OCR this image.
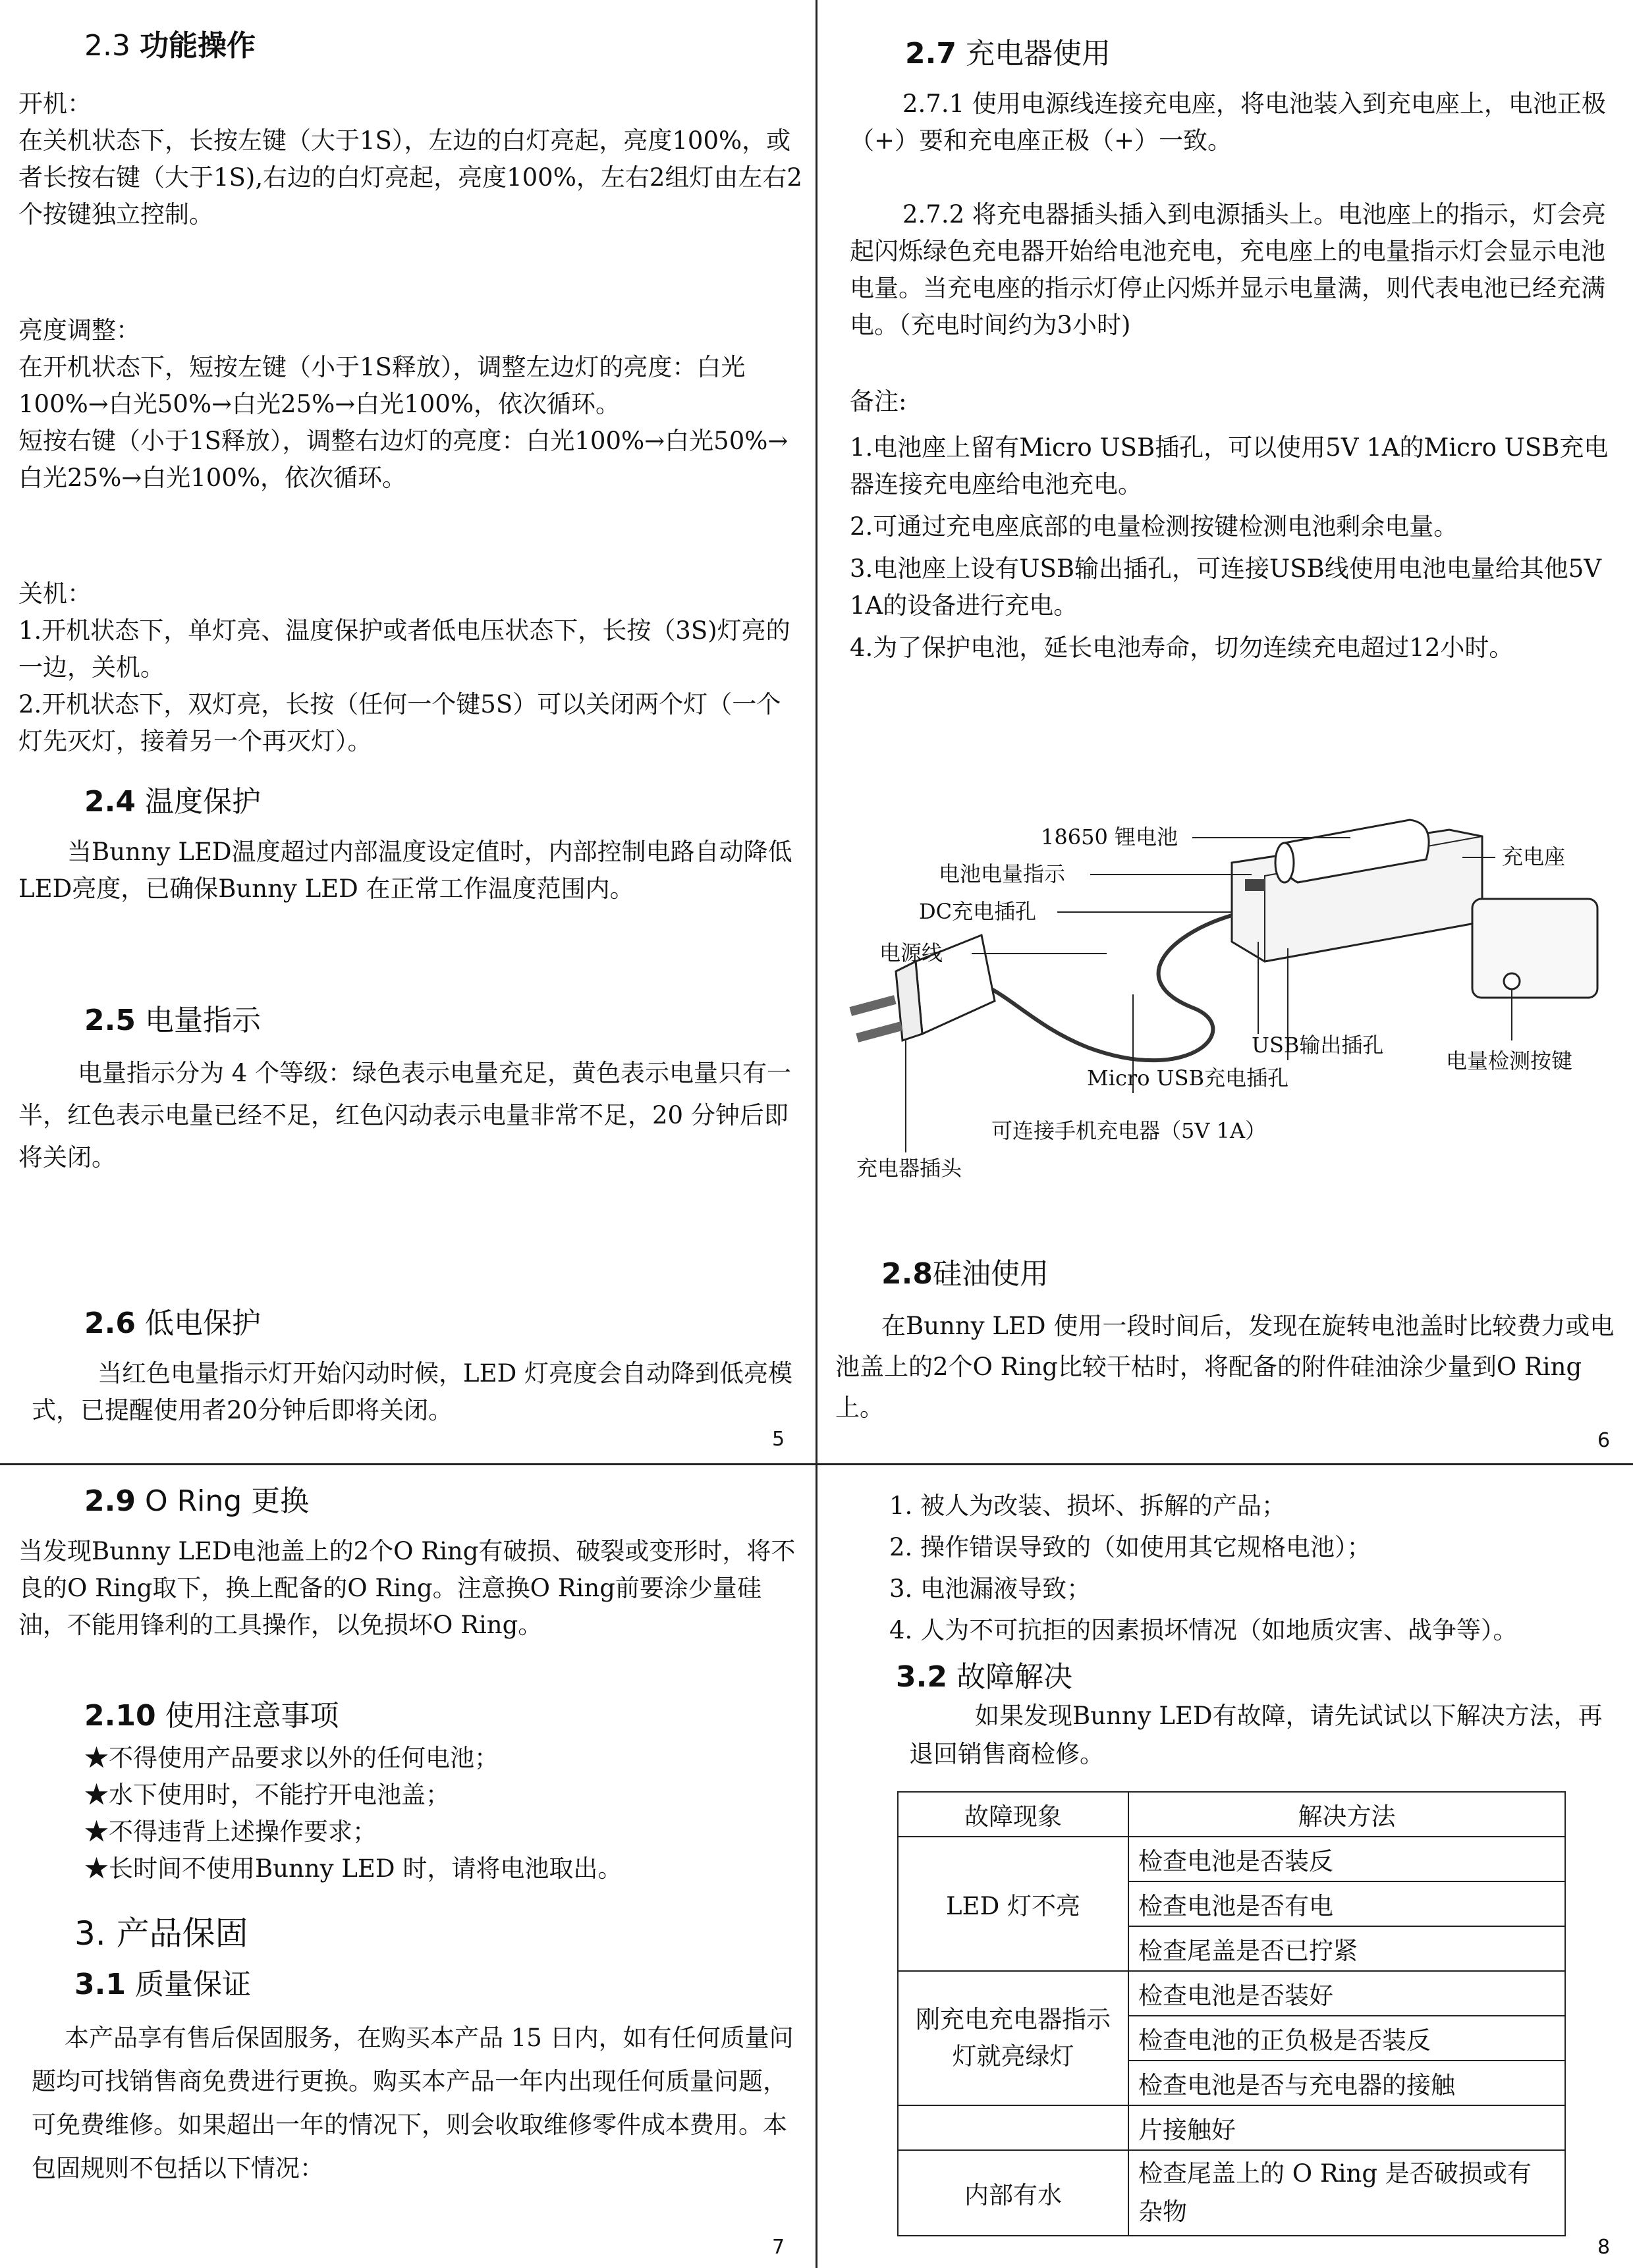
2.3 功能操作

开机：

在关机状态下，长按左键（大于1S），左边的白灯亮起，亮度100%，或者长按右键（大于1S),右边的白灯亮起，亮度100%，左右2组灯由左右2个按键独立控制。

亮度调整：

在开机状态下，短按左键（小于1S释放），调整左边灯的亮度：白光100%→白光50%→白光25%→白光100%，依次循环。

短按右键（小于1S释放），调整右边灯的亮度：白光100%→白光50%→白光25%→白光100%，依次循环。

关机：

1.开机状态下，单灯亮、温度保护或者低电压状态下，长按（3S)灯亮的一边，关机。

2.开机状态下，双灯亮，长按（任何一个键5S）可以关闭两个灯（一个灯先灭灯，接着另一个再灭灯）。

2.4 温度保护

当Bunny LED温度超过内部温度设定值时，内部控制电路自动降低LED亮度，已确保Bunny LED 在正常工作温度范围内。

2.5 电量指示

电量指示分为 4 个等级：绿色表示电量充足，黄色表示电量只有一半，红色表示电量已经不足，红色闪动表示电量非常不足，20 分钟后即将关闭。

2.6 低电保护

当红色电量指示灯开始闪动时候，LED 灯亮度会自动降到低亮模式，已提醒使用者20分钟后即将关闭。

5
2.7 充电器使用

2.7.1 使用电源线连接充电座，将电池装入到充电座上，电池正极（+）要和充电座正极（+）一致。

2.7.2 将充电器插头插入到电源插头上。电池座上的指示，灯会亮起闪烁绿色充电器开始给电池充电，充电座上的电量指示灯会显示电池电量。当充电座的指示灯停止闪烁并显示电量满，则代表电池已经充满电。（充电时间约为3小时)

备注:

1.电池座上留有Micro USB插孔，可以使用5V 1A的Micro USB充电器连接充电座给电池充电。

2.可通过充电座底部的电量检测按键检测电池剩余电量。

3.电池座上设有USB输出插孔，可连接USB线使用电池电量给其他5V 1A的设备进行充电。

4.为了保护电池，延长电池寿命，切勿连续充电超过12小时。

18650 锂电池
电池电量指示
DC充电插孔
电源线
充电座
USB输出插孔
电量检测按键
Micro USB充电插孔
可连接手机充电器（5V 1A）
充电器插头
2.8硅油使用

在Bunny LED 使用一段时间后，发现在旋转电池盖时比较费力或电池盖上的2个O Ring比较干枯时，将配备的附件硅油涂少量到O Ring上。

6
2.9 O Ring 更换

当发现Bunny LED电池盖上的2个O Ring有破损、破裂或变形时，将不良的O Ring取下，换上配备的O Ring。注意换O Ring前要涂少量硅油，不能用锋利的工具操作，以免损坏O Ring。

2.10 使用注意事项

★不得使用产品要求以外的任何电池；

★水下使用时，不能拧开电池盖；

★不得违背上述操作要求；

★长时间不使用Bunny LED 时，请将电池取出。

3. 产品保固
3.1 质量保证

本产品享有售后保固服务，在购买本产品 15 日内，如有任何质量问题均可找销售商免费进行更换。购买本产品一年内出现任何质量问题，可免费维修。如果超出一年的情况下，则会收取维修零件成本费用。本包固规则不包括以下情况：

7

1. 被人为改装、损坏、拆解的产品；

2. 操作错误导致的（如使用其它规格电池）；

3. 电池漏液导致；

4. 人为不可抗拒的因素损坏情况（如地质灾害、战争等）。

3.2 故障解决

如果发现Bunny LED有故障，请先试试以下解决方法，再退回销售商检修。

故障现象	解决方法
LED 灯不亮	检查电池是否装反
	检查电池是否有电
	检查尾盖是否已拧紧
刚充电充电器指示灯就亮绿灯	检查电池是否装好
	检查电池的正负极是否装反
	检查电池是否与充电器的接触
	片接触好
内部有水	检查尾盖上的 O Ring 是否破损或有杂物
8
